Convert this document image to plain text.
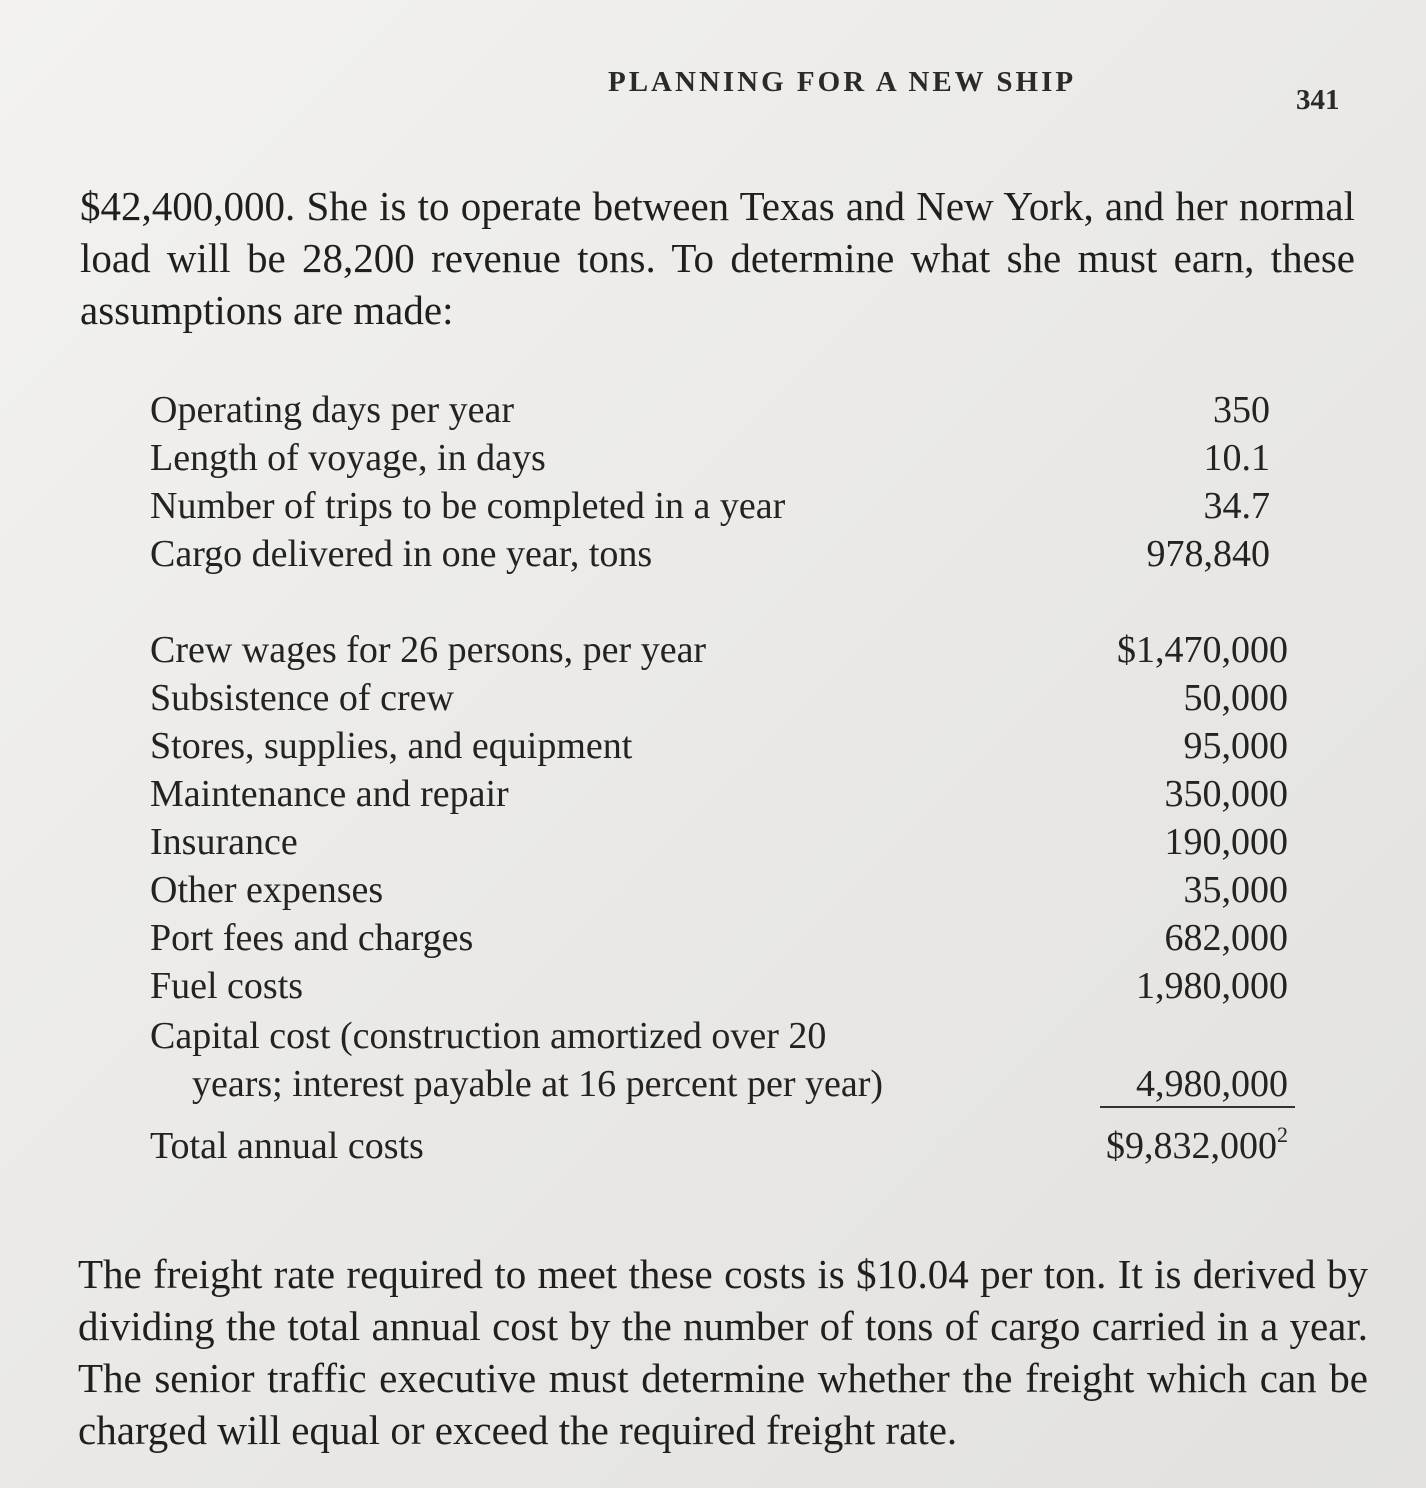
PLANNING FOR A NEW SHIP
341

$42,400,000. She is to operate between Texas and New York, and her normal load will be 28,200 revenue tons. To determine what she must earn, these assumptions are made:

Operating days per year	350
Length of voyage, in days	10.1
Number of trips to be completed in a year	34.7
Cargo delivered in one year, tons	978,840
Crew wages for 26 persons, per year	$1,470,000
Subsistence of crew	50,000
Stores, supplies, and equipment	95,000
Maintenance and repair	350,000
Insurance	190,000
Other expenses	35,000
Port fees and charges	682,000
Fuel costs	1,980,000
Capital cost (construction amortized over 20
years; interest payable at 16 percent per year)	4,980,000
Total annual costs	$9,832,000$^2$

The freight rate required to meet these costs is $10.04 per ton. It is derived by dividing the total annual cost by the number of tons of cargo carried in a year. The senior traffic executive must determine whether the freight which can be charged will equal or exceed the required freight rate.
